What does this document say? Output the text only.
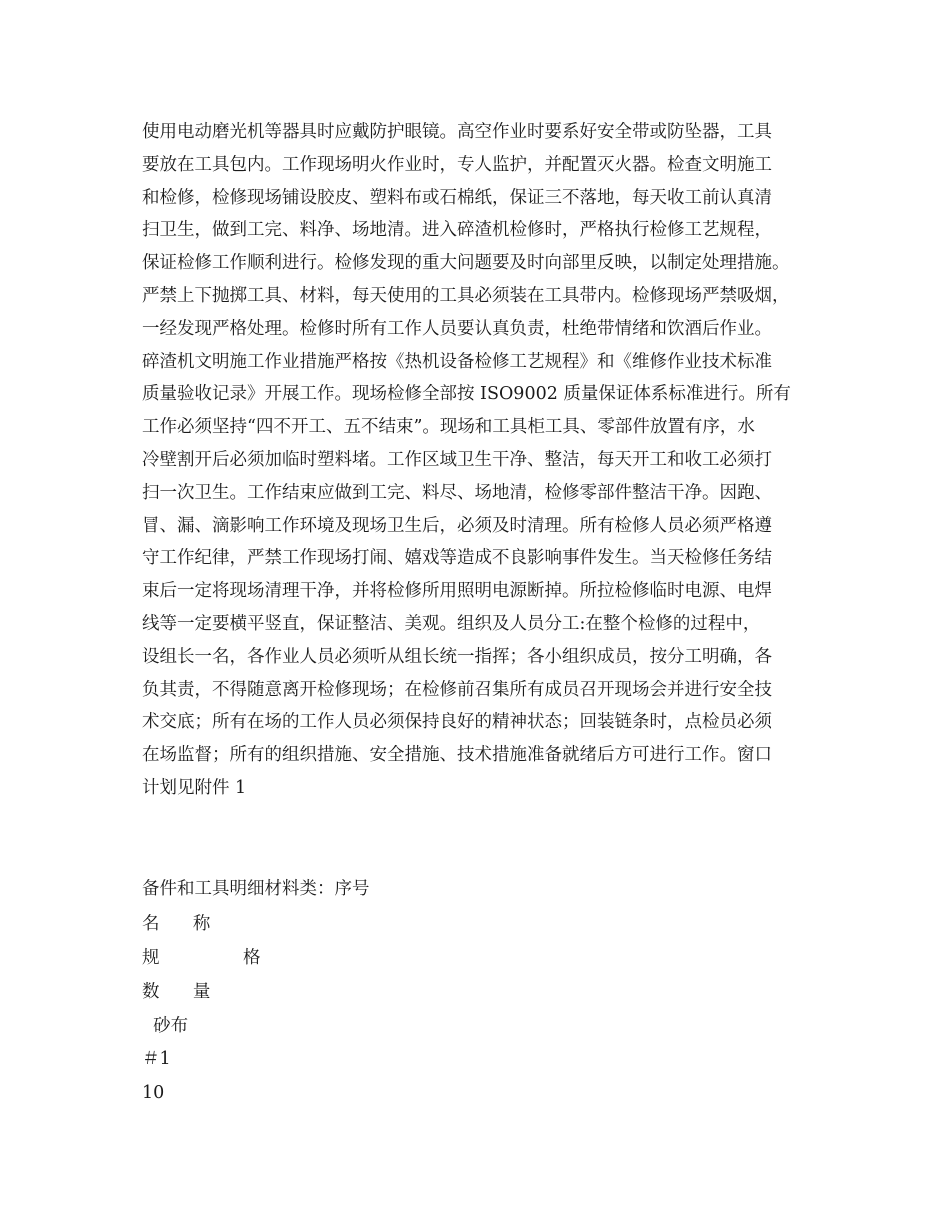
使用电动磨光机等器具时应戴防护眼镜。高空作业时要系好安全带或防坠器，工具
要放在工具包内。工作现场明火作业时，专人监护，并配置灭火器。检查文明施工
和检修，检修现场铺设胶皮、塑料布或石棉纸，保证三不落地，每天收工前认真清
扫卫生，做到工完、料净、场地清。进入碎渣机检修时，严格执行检修工艺规程，
保证检修工作顺利进行。检修发现的重大问题要及时向部里反映，以制定处理措施。
严禁上下抛掷工具、材料，每天使用的工具必须装在工具带内。检修现场严禁吸烟，
一经发现严格处理。检修时所有工作人员要认真负责，杜绝带情绪和饮酒后作业。
碎渣机文明施工作业措施严格按《热机设备检修工艺规程》和《维修作业技术标准
质量验收记录》开展工作。现场检修全部按 ISO9002 质量保证体系标准进行。所有
工作必须坚持“四不开工、五不结束”。现场和工具柜工具、零部件放置有序，水
冷壁割开后必须加临时塑料堵。工作区域卫生干净、整洁，每天开工和收工必须打
扫一次卫生。工作结束应做到工完、料尽、场地清，检修零部件整洁干净。因跑、
冒、漏、滴影响工作环境及现场卫生后，必须及时清理。所有检修人员必须严格遵
守工作纪律，严禁工作现场打闹、嬉戏等造成不良影响事件发生。当天检修任务结
束后一定将现场清理干净，并将检修所用照明电源断掉。所拉检修临时电源、电焊
线等一定要横平竖直，保证整洁、美观。组织及人员分工:在整个检修的过程中，
设组长一名，各作业人员必须听从组长统一指挥；各小组织成员，按分工明确，各
负其责，不得随意离开检修现场；在检修前召集所有成员召开现场会并进行安全技
术交底；所有在场的工作人员必须保持良好的精神状态；回装链条时，点检员必须
在场监督；所有的组织措施、安全措施、技术措施准备就绪后方可进行工作。窗口
计划见附件 1
备件和工具明细材料类：序号
名      称
规               格
数      量
砂布
＃1
10
